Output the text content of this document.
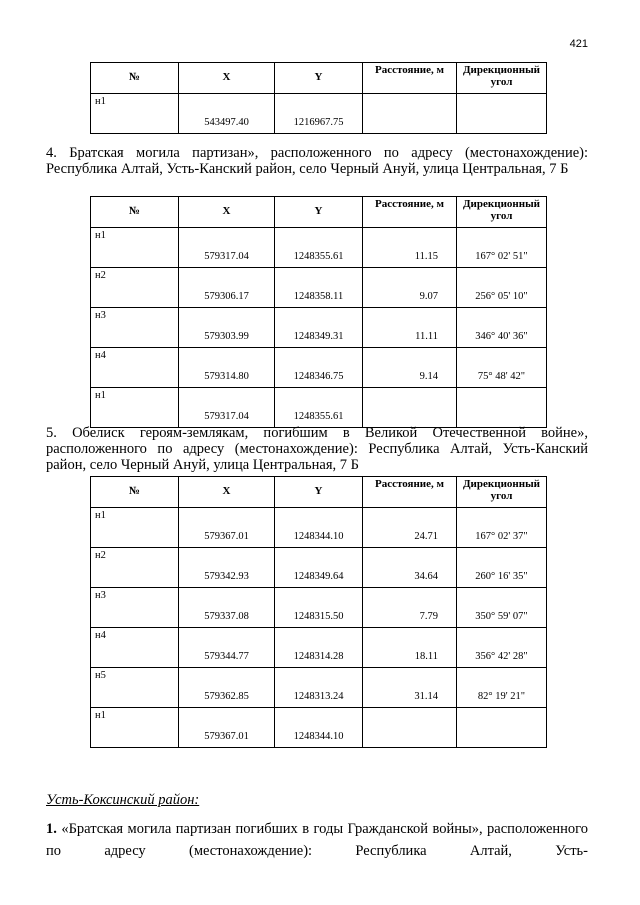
421
№	X	Y	Расстояние, м	Дирекционный угол
н1	543497.40	1216967.75		
4. Братская могила партизан», расположенного по адресу (местонахождение): Республика Алтай, Усть-Канский район, село Черный Ануй, улица Центральная, 7 Б
№	X	Y	Расстояние, м	Дирекционный угол
н1	579317.04	1248355.61	11.15	167° 02' 51"
н2	579306.17	1248358.11	9.07	256° 05' 10"
н3	579303.99	1248349.31	11.11	346° 40' 36"
н4	579314.80	1248346.75	9.14	75° 48' 42"
н1	579317.04	1248355.61		
5. Обелиск героям-землякам, погибшим в Великой Отечественной войне», расположенного по адресу (местонахождение): Республика Алтай, Усть-Канский район, село Черный Ануй, улица Центральная, 7 Б
№	X	Y	Расстояние, м	Дирекционный угол
н1	579367.01	1248344.10	24.71	167° 02' 37"
н2	579342.93	1248349.64	34.64	260° 16' 35"
н3	579337.08	1248315.50	7.79	350° 59' 07"
н4	579344.77	1248314.28	18.11	356° 42' 28"
н5	579362.85	1248313.24	31.14	82° 19' 21"
н1	579367.01	1248344.10		
Усть-Коксинский район:
1. «Братская могила партизан погибших в годы Гражданской войны», расположенного по адресу (местонахождение): Республика Алтай, Усть-
